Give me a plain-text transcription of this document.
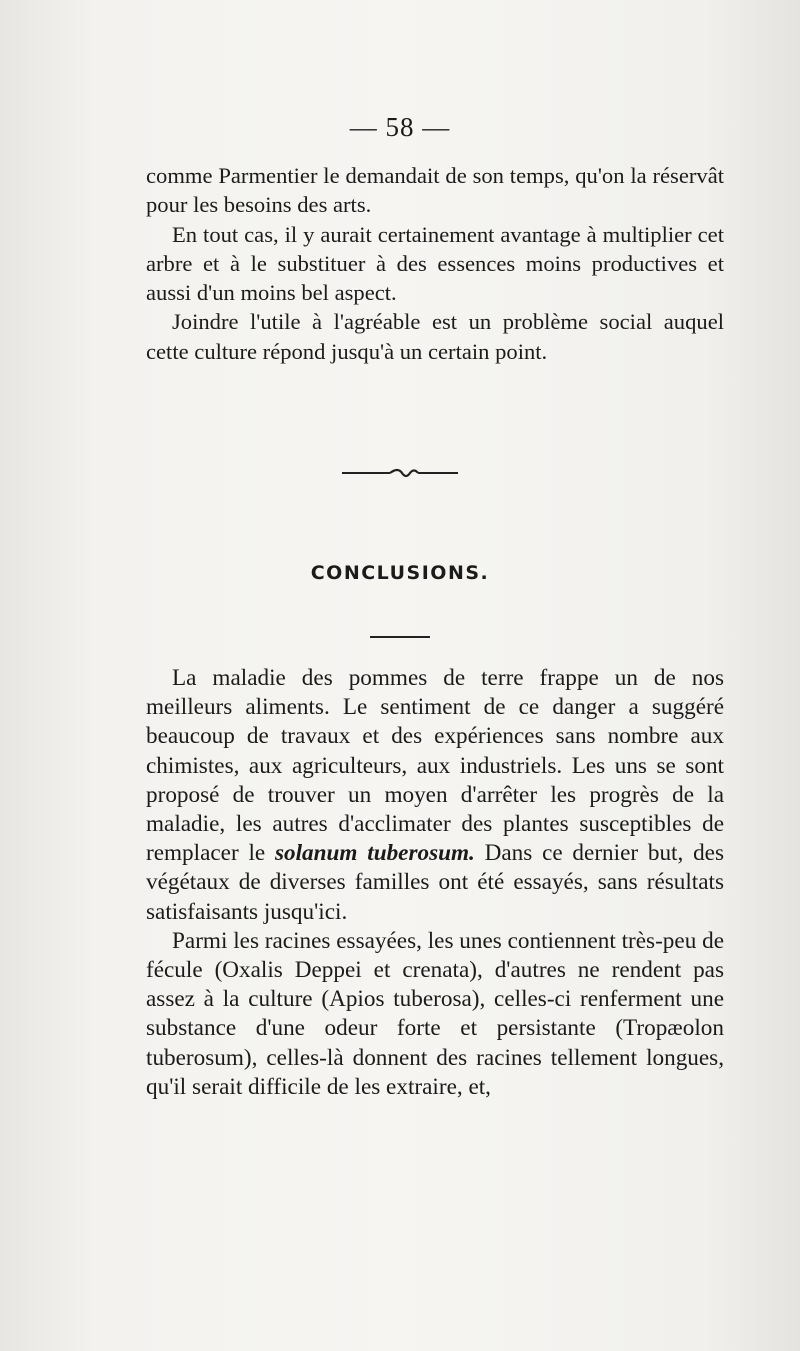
— 58 —

comme Parmentier le demandait de son temps, qu'on la réservât pour les besoins des arts.

En tout cas, il y aurait certainement avantage à multiplier cet arbre et à le substituer à des essences moins productives et aussi d'un moins bel aspect.

Joindre l'utile à l'agréable est un problème social auquel cette culture répond jusqu'à un certain point.

CONCLUSIONS.

La maladie des pommes de terre frappe un de nos meilleurs aliments. Le sentiment de ce danger a suggéré beaucoup de travaux et des expériences sans nombre aux chimistes, aux agriculteurs, aux industriels. Les uns se sont proposé de trouver un moyen d'arrêter les progrès de la maladie, les autres d'acclimater des plantes susceptibles de remplacer le solanum tuberosum. Dans ce dernier but, des végétaux de diverses familles ont été essayés, sans résultats satisfaisants jusqu'ici.

Parmi les racines essayées, les unes contiennent très-peu de fécule (Oxalis Deppei et crenata), d'autres ne rendent pas assez à la culture (Apios tuberosa), celles-ci renferment une substance d'une odeur forte et persistante (Tropæolon tuberosum), celles-là donnent des racines tellement longues, qu'il serait difficile de les extraire, et,
